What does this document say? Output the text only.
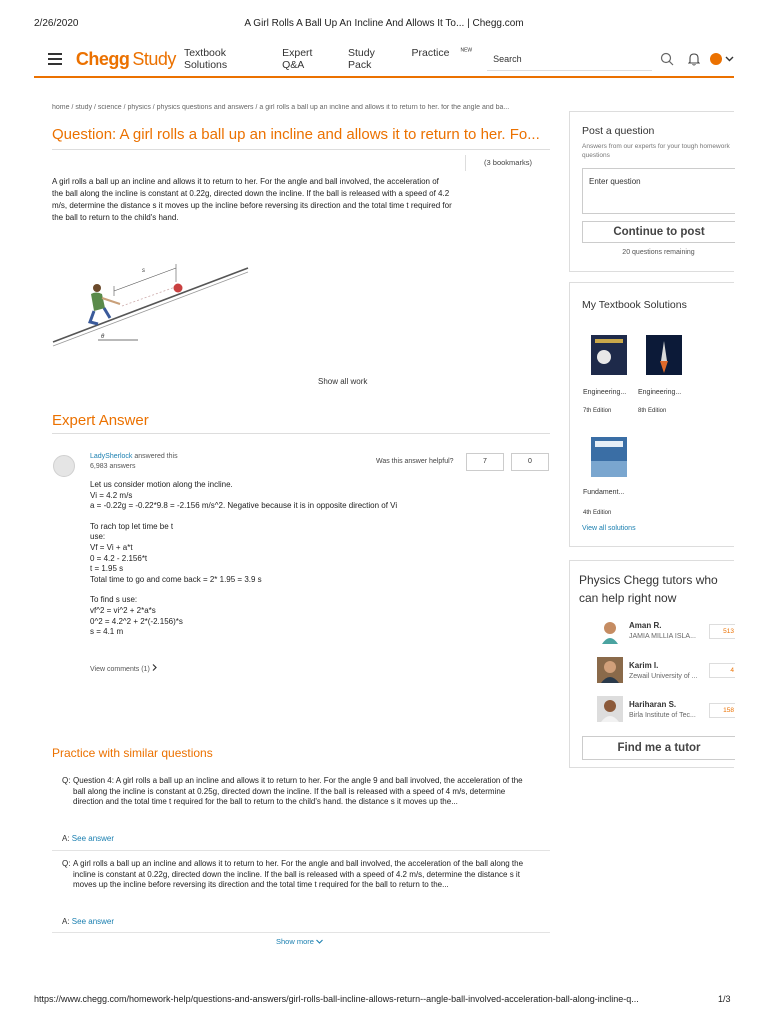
2/26/2020	A Girl Rolls A Ball Up An Incline And Allows It To... | Chegg.com
Chegg Study Textbook Solutions
Expert Q&A
Study Pack
Practice $^{NEW}$
Search
home / study / science / physics / physics questions and answers / a girl rolls a ball up an incline and allows it to return to her. for the angle and ba...
Question: A girl rolls a ball up an incline and allows it to return to her. Fo...
(3 bookmarks)
A girl rolls a ball up an incline and allows it to return to her. For the angle and ball involved, the acceleration of the ball along the incline is constant at 0.22g, directed down the incline. If the ball is released with a speed of 4.2 m/s, determine the distance s it moves up the incline before reversing its direction and the total time t required for the ball to return to the child's hand.
s
θ
Show all work
Expert Answer
LadySherlock answered this
6,983 answers
Was this answer helpful?	7	0

Let us consider motion along the incline.

Vi = 4.2 m/s

a = -0.22g = -0.22*9.8 = -2.156 m/s^2. Negative because it is in opposite direction of Vi

To rach top let time be t

use:

Vf = Vi + a*t

0 = 4.2 - 2.156*t

t = 1.95 s

Total time to go and come back = 2* 1.95 = 3.9 s

To find s use:

vf^2 = vi^2 + 2*a*s

0^2 = 4.2^2 + 2*(-2.156)*s

s = 4.1 m

View comments (1)
Practice with similar questions
Q: Question 4: A girl rolls a ball up an incline and allows it to return to her. For the angle 9 and ball involved, the acceleration of the ball along the incline is constant at 0.25g, directed down the incline. If the ball is released with a speed of 4 m/s, determine direction and the total time t required for the ball to return to the child's hand. the distance s it moves up the...
A: See answer
Q: A girl rolls a ball up an incline and allows it to return to her. For the angle and ball involved, the acceleration of the ball along the incline is constant at 0.22g, directed down the incline. If the ball is released with a speed of 4.2 m/s, determine the distance s it moves up the incline before reversing its direction and the total time t required for the ball to return to the...
A: See answer
Show more
Post a question
Answers from our experts for your tough homework questions
Enter question
Continue to post
20 questions remaining
My Textbook Solutions
Engineering...
7th Edition
Engineering...
8th Edition
Fundament...
4th Edition
View all solutions
Physics Chegg tutors who can help right now
Aman R.
JAMIA MILLIA ISLA...
513
Karim I.
Zewail University of ...
4
Hariharan S.
Birla Institute of Tec...
158
Find me a tutor
https://www.chegg.com/homework-help/questions-and-answers/girl-rolls-ball-incline-allows-return--angle-ball-involved-acceleration-ball-along-incline-q...	1/3
